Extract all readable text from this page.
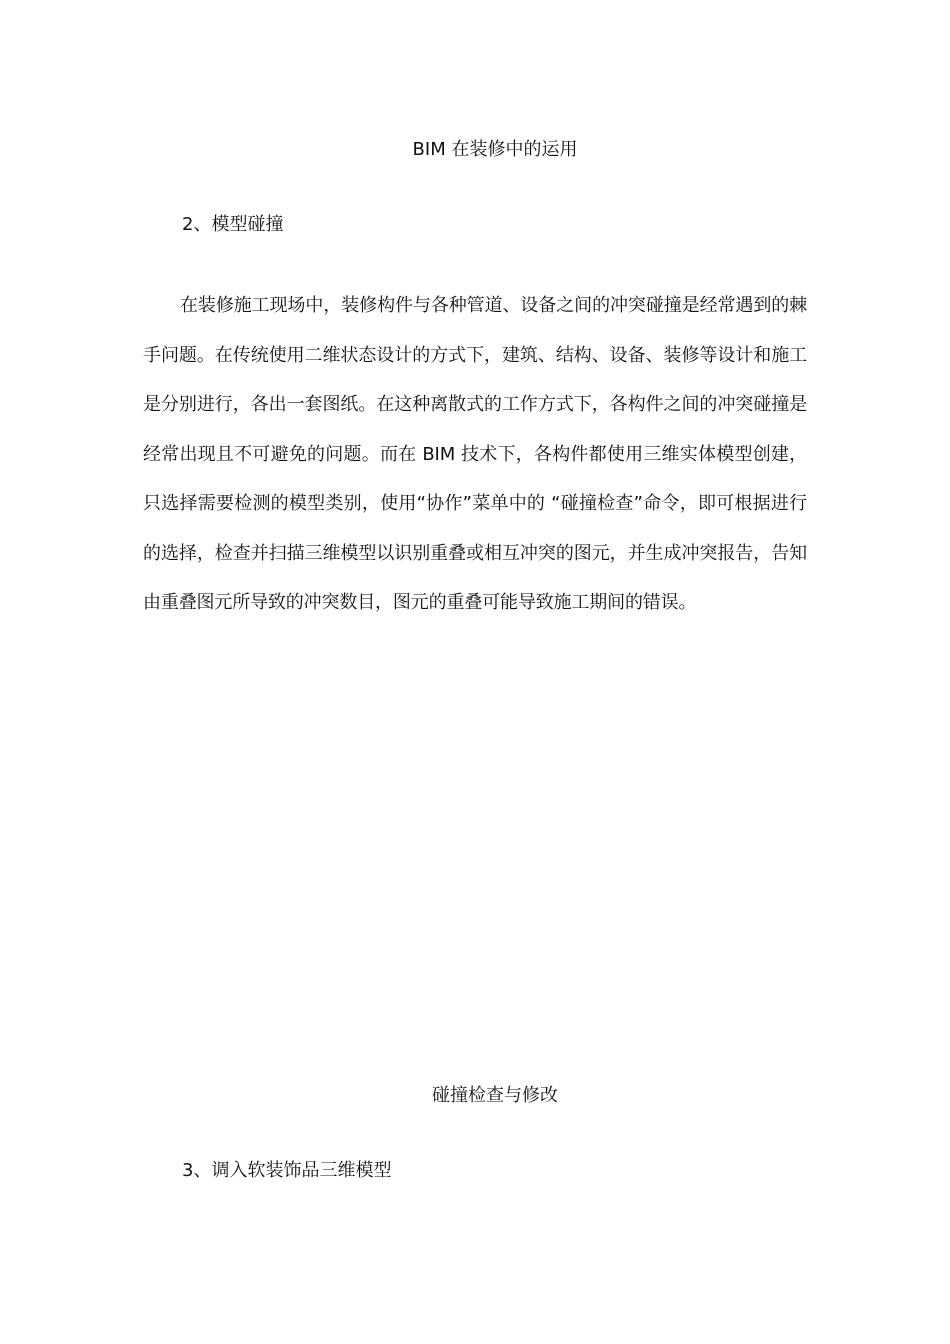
BIM 在装修中的运用
2、模型碰撞

在装修施工现场中，装修构件与各种管道、设备之间的冲突碰撞是经常遇到的棘手问题。在传统使用二维状态设计的方式下，建筑、结构、设备、装修等设计和施工是分别进行，各出一套图纸。在这种离散式的工作方式下，各构件之间的冲突碰撞是经常出现且不可避免的问题。而在 BIM 技术下，各构件都使用三维实体模型创建，只选择需要检测的模型类别，使用“协作”菜单中的 “碰撞检查”命令，即可根据进行的选择，检查并扫描三维模型以识别重叠或相互冲突的图元，并生成冲突报告，告知由重叠图元所导致的冲突数目，图元的重叠可能导致施工期间的错误。

碰撞检查与修改
3、调入软装饰品三维模型
